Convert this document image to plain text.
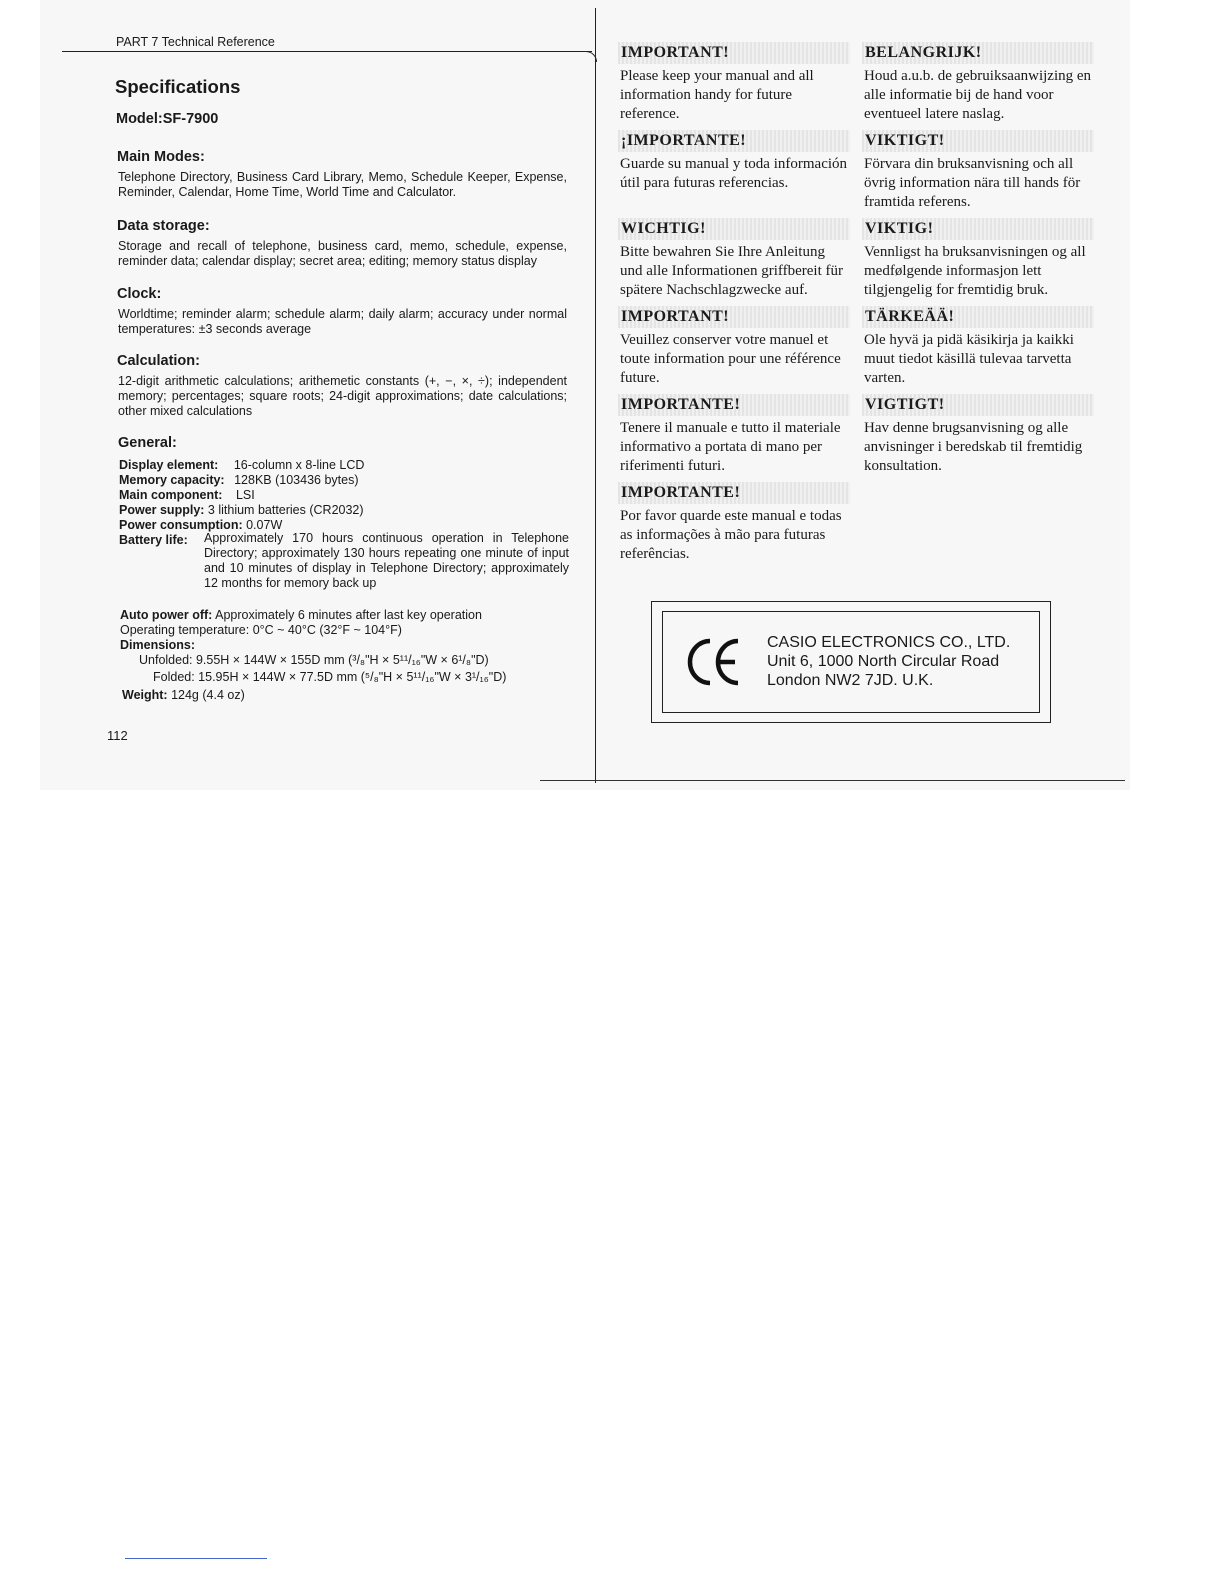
PART 7 Technical Reference
Specifications

Model:SF-7900

Main Modes:

Telephone Directory, Business Card Library, Memo, Schedule Keeper, Expense, Reminder, Calendar, Home Time, World Time and Calculator.

Data storage:

Storage and recall of telephone, business card, memo, schedule, expense, reminder data; calendar display; secret area; editing; memory status display

Clock:

Worldtime; reminder alarm; schedule alarm; daily alarm; accuracy under normal temperatures: ±3 seconds average

Calculation:

12-digit arithmetic calculations; arithemetic constants (+, −, ×, ÷); independent memory; percentages; square roots; 24-digit approximations; date calculations; other mixed calculations

General:

Display element: 16-column x 8-line LCD
Memory capacity: 128KB (103436 bytes)
Main component: LSI
Power supply: 3 lithium batteries (CR2032)
Power consumption: 0.07W
Battery life: Approximately 170 hours continuous operation in Telephone Directory; approximately 130 hours repeating one minute of input and 10 minutes of display in Telephone Directory; approximately 12 months for memory back up
Auto power off: Approximately 6 minutes after last key operation
Operating temperature: 0°C ~ 40°C (32°F ~ 104°F)
Dimensions:
Unfolded: 9.55H × 144W × 155D mm (³/₈"H × 5¹¹/₁₆"W × 6¹/₈"D)
Folded: 15.95H × 144W × 77.5D mm (⁵/₈"H × 5¹¹/₁₆"W × 3¹/₁₆"D)
Weight: 124g (4.4 oz)
112
IMPORTANT!

Please keep your manual and all information handy for future reference.

¡IMPORTANTE!

Guarde su manual y toda información útil para futuras referencias.

WICHTIG!

Bitte bewahren Sie Ihre Anleitung und alle Informationen griffbereit für spätere Nachschlagzwecke auf.

IMPORTANT!

Veuillez conserver votre manuel et toute information pour une référence future.

IMPORTANTE!

Tenere il manuale e tutto il materiale informativo a portata di mano per riferimenti futuri.

IMPORTANTE!

Por favor quarde este manual e todas as informações à mão para futuras referências.

BELANGRIJK!

Houd a.u.b. de gebruiksaanwijzing en alle informatie bij de hand voor eventueel latere naslag.

VIKTIGT!

Förvara din bruksanvisning och all övrig information nära till hands för framtida referens.

VIKTIG!

Vennligst ha bruksanvisningen og all medfølgende informasjon lett tilgjengelig for fremtidig bruk.

TÄRKEÄÄ!

Ole hyvä ja pidä käsikirja ja kaikki muut tiedot käsillä tulevaa tarvetta varten.

VIGTIGT!

Hav denne brugsanvisning og alle anvisninger i beredskab til fremtidig konsultation.

CASIO ELECTRONICS CO., LTD.
Unit 6, 1000 North Circular Road
London NW2 7JD. U.K.
